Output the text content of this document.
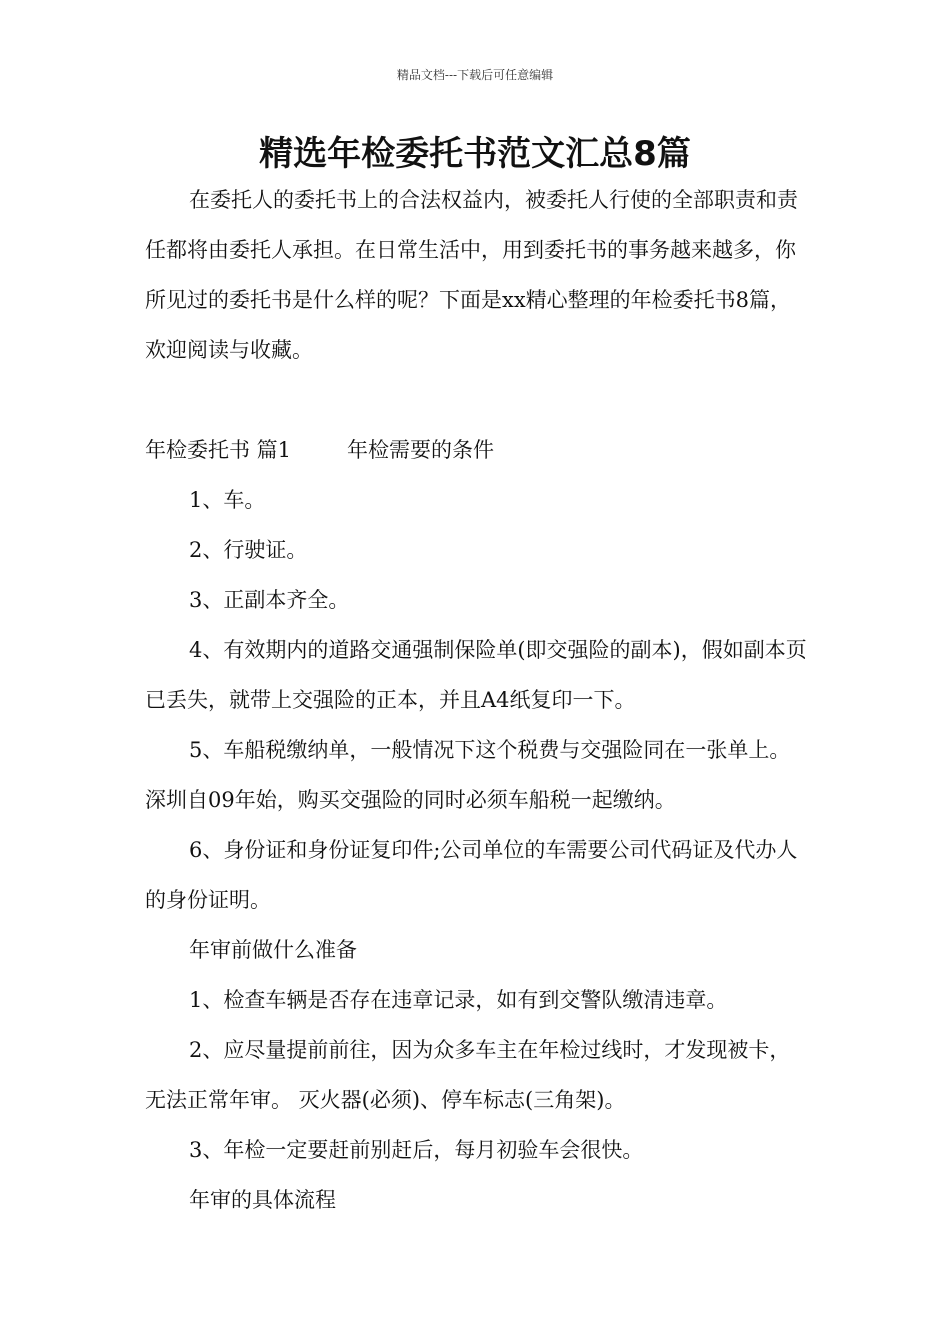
精品文档---下载后可任意编辑
精选年检委托书范文汇总8篇

在委托人的委托书上的合法权益内，被委托人行使的全部职责和责任都将由委托人承担。在日常生活中，用到委托书的事务越来越多，你所见过的委托书是什么样的呢？下面是xx精心整理的年检委托书8篇，欢迎阅读与收藏。

年检委托书 篇1	年检需要的条件

1、车。

2、行驶证。

3、正副本齐全。

4、有效期内的道路交通强制保险单(即交强险的副本)，假如副本页已丢失，就带上交强险的正本，并且A4纸复印一下。

5、车船税缴纳单，一般情况下这个税费与交强险同在一张单上。深圳自09年始，购买交强险的同时必须车船税一起缴纳。

6、身份证和身份证复印件;公司单位的车需要公司代码证及代办人的身份证明。

年审前做什么准备

1、检查车辆是否存在违章记录，如有到交警队缴清违章。

2、应尽量提前前往，因为众多车主在年检过线时，才发现被卡，无法正常年审。 灭火器(必须)、停车标志(三角架)。

3、年检一定要赶前别赶后，每月初验车会很快。

年审的具体流程
